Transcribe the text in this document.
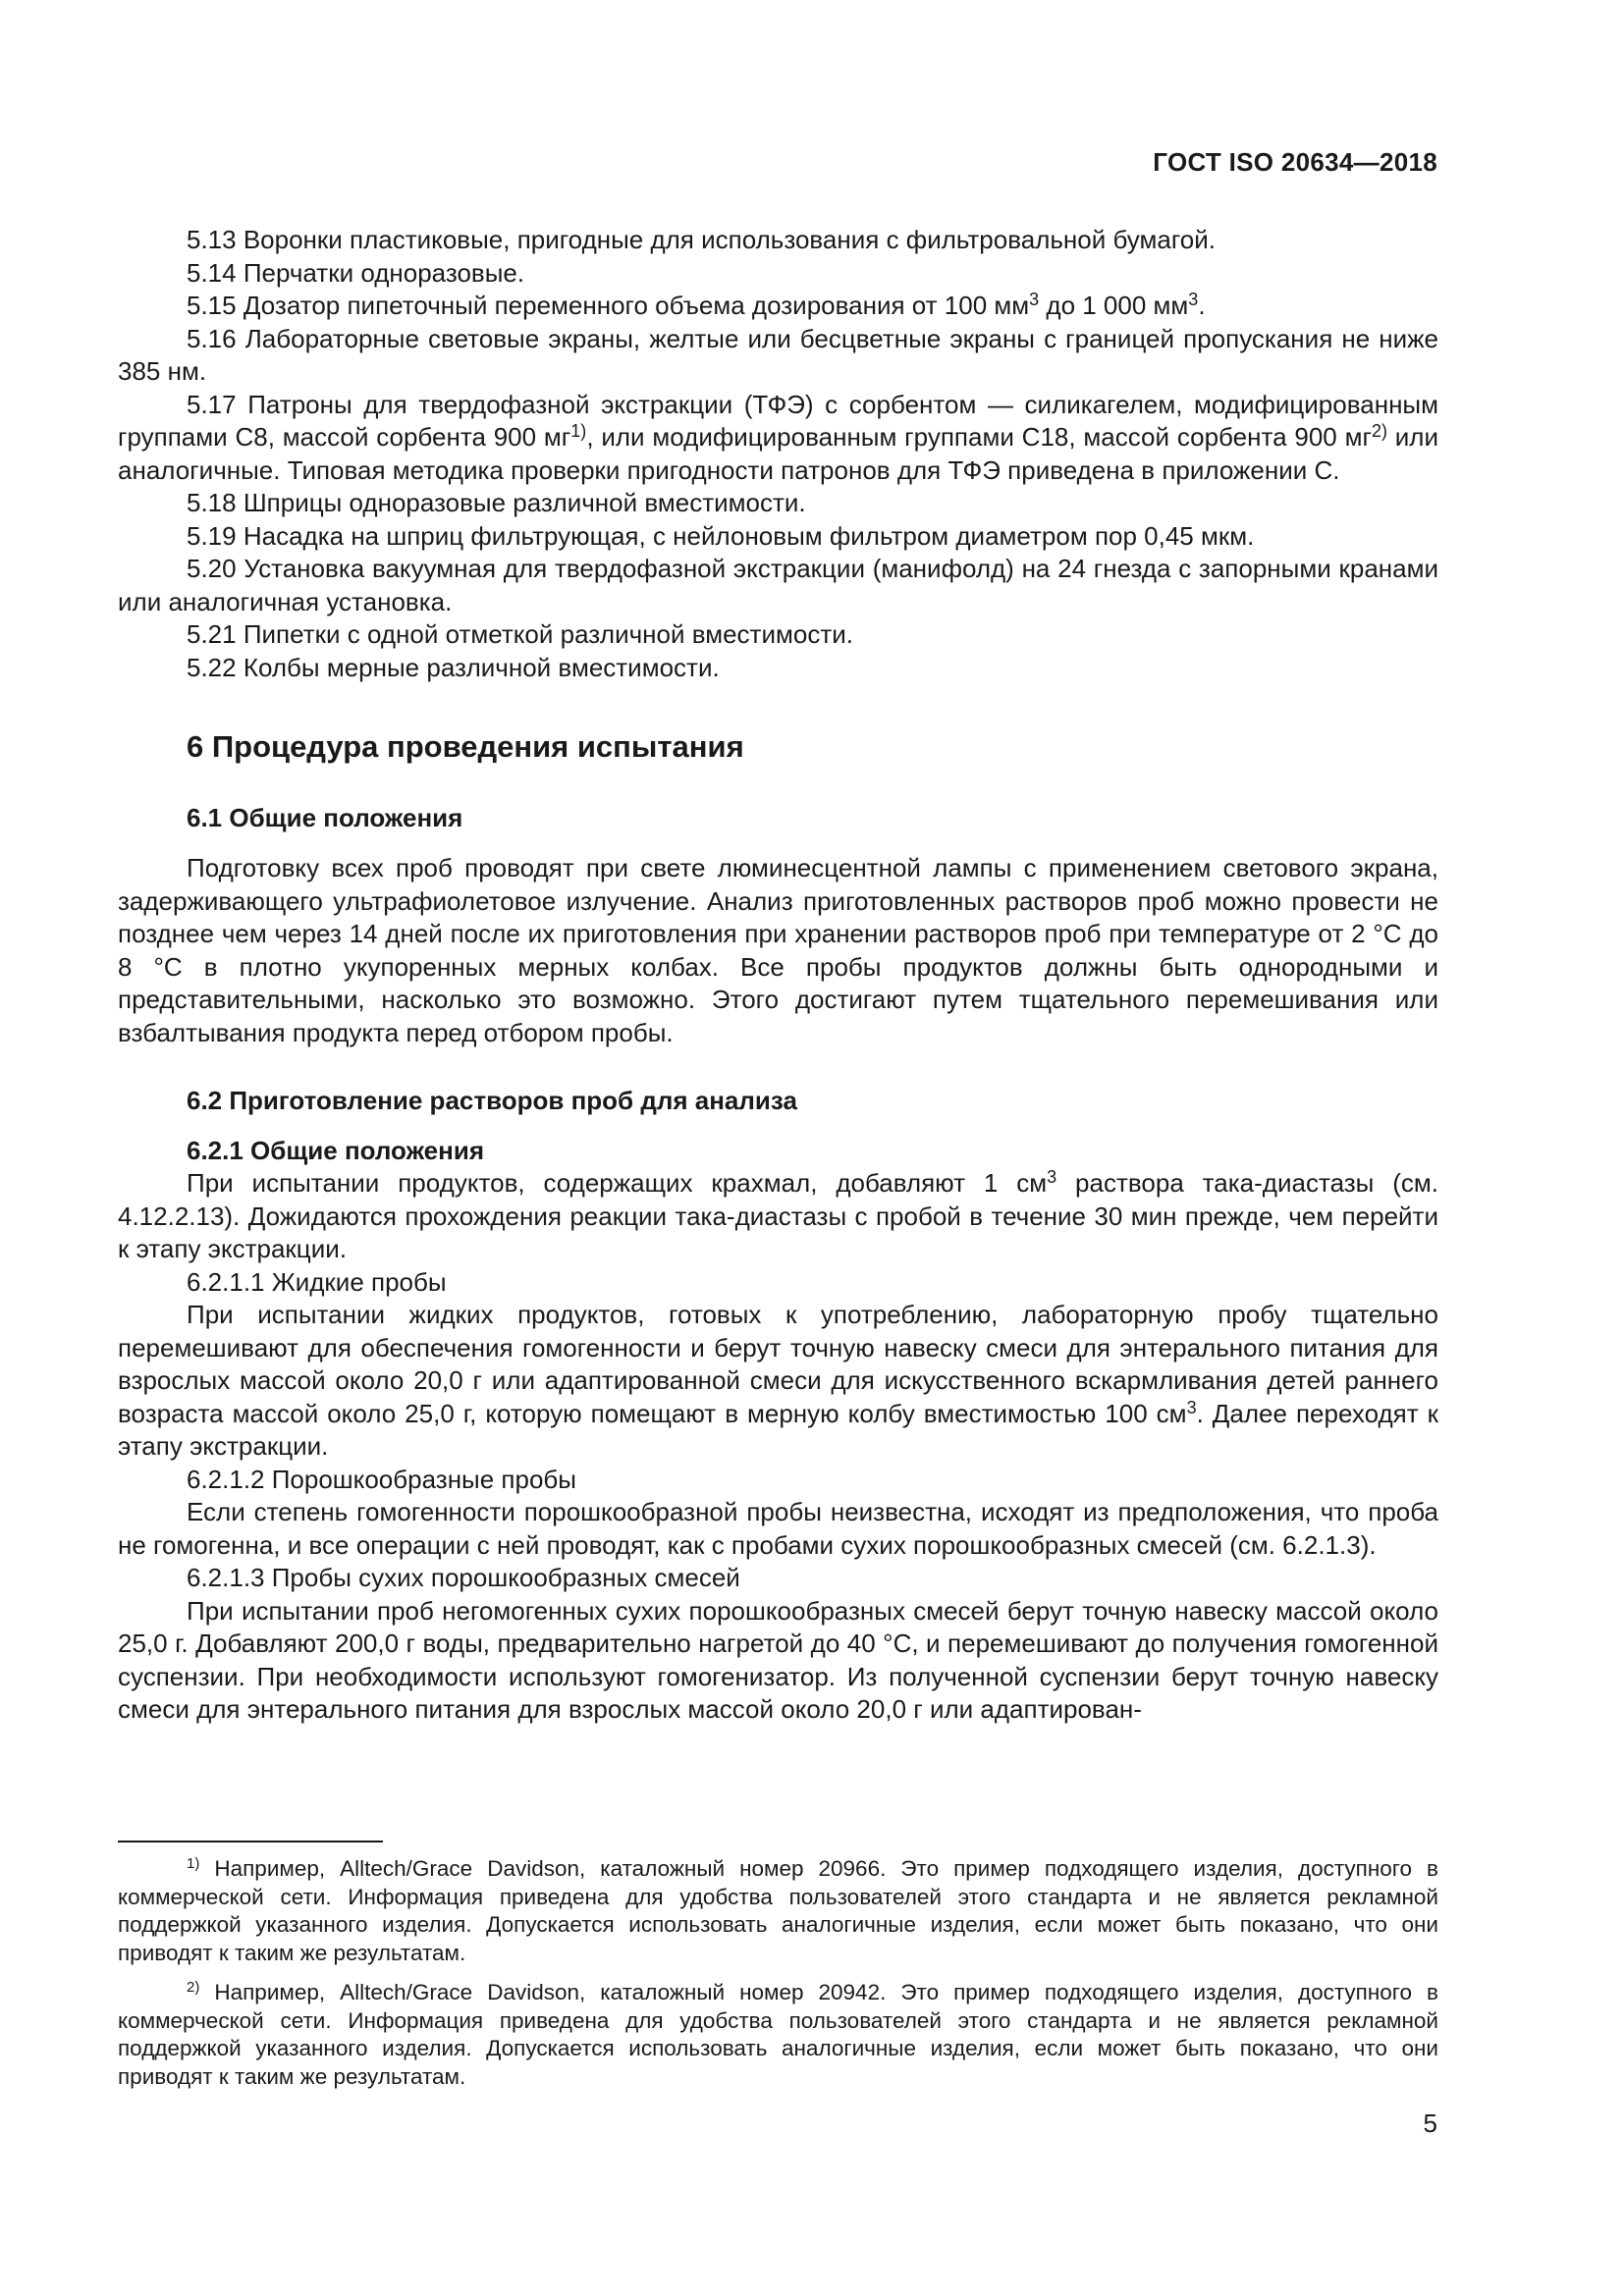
ГОСТ ISO 20634—2018

5.13 Воронки пластиковые, пригодные для использования с фильтровальной бумагой.

5.14 Перчатки одноразовые.

5.15 Дозатор пипеточный переменного объема дозирования от 100 $мм^3$ до 1 000 $мм^3$.

5.16 Лабораторные световые экраны, желтые или бесцветные экраны с границей пропускания не ниже 385 нм.

5.17 Патроны для твердофазной экстракции (ТФЭ) с сорбентом — силикагелем, модифицированным группами С8, массой сорбента 900 $мг^{1)}$, или модифицированным группами С18, массой сорбента 900 $мг^{2)}$ или аналогичные. Типовая методика проверки пригодности патронов для ТФЭ приведена в приложении С.

5.18 Шприцы одноразовые различной вместимости.

5.19 Насадка на шприц фильтрующая, с нейлоновым фильтром диаметром пор 0,45 мкм.

5.20 Установка вакуумная для твердофазной экстракции (манифолд) на 24 гнезда с запорными кранами или аналогичная установка.

5.21 Пипетки с одной отметкой различной вместимости.

5.22 Колбы мерные различной вместимости.

6 Процедура проведения испытания
6.1 Общие положения

Подготовку всех проб проводят при свете люминесцентной лампы с применением светового экрана, задерживающего ультрафиолетовое излучение. Анализ приготовленных растворов проб можно провести не позднее чем через 14 дней после их приготовления при хранении растворов проб при температуре от 2 °С до 8 °С в плотно укупоренных мерных колбах. Все пробы продуктов должны быть однородными и представительными, насколько это возможно. Этого достигают путем тщательного перемешивания или взбалтывания продукта перед отбором пробы.

6.2 Приготовление растворов проб для анализа
6.2.1 Общие положения

При испытании продуктов, содержащих крахмал, добавляют 1 $см^3$ раствора така-диастазы (см. 4.12.2.13). Дожидаются прохождения реакции така-диастазы с пробой в течение 30 мин прежде, чем перейти к этапу экстракции.

6.2.1.1 Жидкие пробы

При испытании жидких продуктов, готовых к употреблению, лабораторную пробу тщательно перемешивают для обеспечения гомогенности и берут точную навеску смеси для энтерального питания для взрослых массой около 20,0 г или адаптированной смеси для искусственного вскармливания детей раннего возраста массой около 25,0 г, которую помещают в мерную колбу вместимостью 100 $см^3$. Далее переходят к этапу экстракции.

6.2.1.2 Порошкообразные пробы

Если степень гомогенности порошкообразной пробы неизвестна, исходят из предположения, что проба не гомогенна, и все операции с ней проводят, как с пробами сухих порошкообразных смесей (см. 6.2.1.3).

6.2.1.3 Пробы сухих порошкообразных смесей

При испытании проб негомогенных сухих порошкообразных смесей берут точную навеску массой около 25,0 г. Добавляют 200,0 г воды, предварительно нагретой до 40 °С, и перемешивают до получения гомогенной суспензии. При необходимости используют гомогенизатор. Из полученной суспензии берут точную навеску смеси для энтерального питания для взрослых массой около 20,0 г или адаптирован-

$^{1)}$ Например, Alltech/Grace Davidson, каталожный номер 20966. Это пример подходящего изделия, доступного в коммерческой сети. Информация приведена для удобства пользователей этого стандарта и не является рекламной поддержкой указанного изделия. Допускается использовать аналогичные изделия, если может быть показано, что они приводят к таким же результатам.

$^{2)}$ Например, Alltech/Grace Davidson, каталожный номер 20942. Это пример подходящего изделия, доступного в коммерческой сети. Информация приведена для удобства пользователей этого стандарта и не является рекламной поддержкой указанного изделия. Допускается использовать аналогичные изделия, если может быть показано, что они приводят к таким же результатам.

5
